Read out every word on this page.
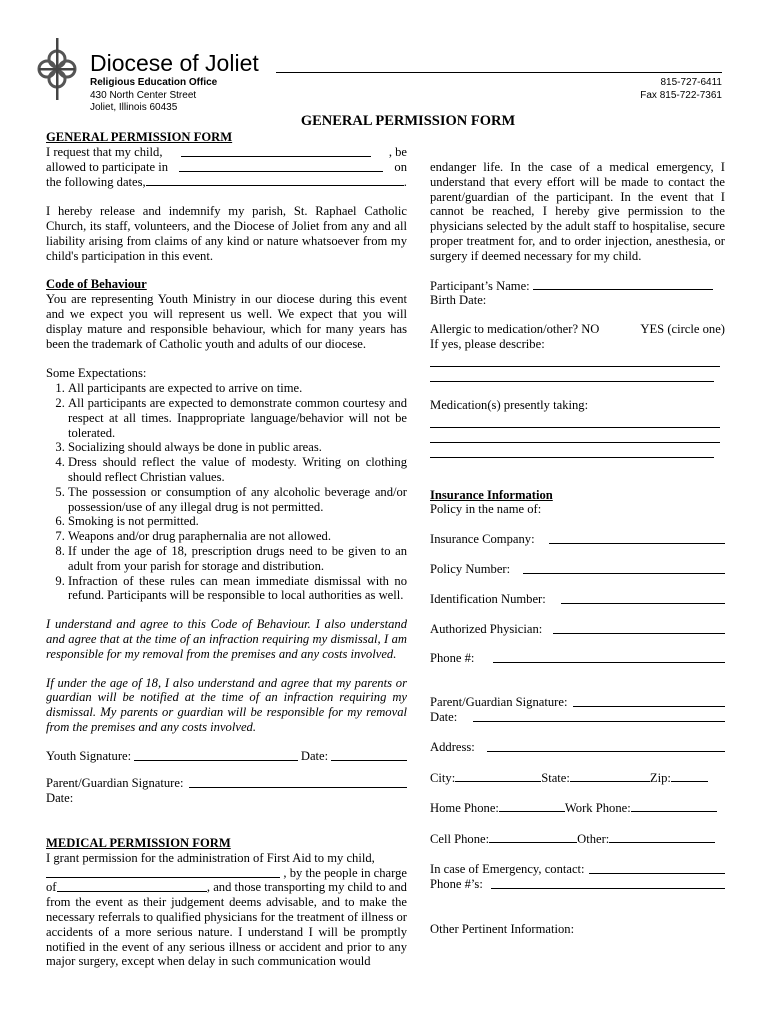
Diocese of Joliet
Religious Education Office
430 North Center Street
Joliet, Illinois 60435
815-727-6411
Fax 815-722-7361
GENERAL PERMISSION FORM

GENERAL PERMISSION FORM

I request that my child,	, be
allowed to participate in	on
the following dates,	.

I hereby release and indemnify my parish, St. Raphael Catholic Church, its staff, volunteers, and the Diocese of Joliet from any and all liability arising from claims of any kind or nature whatsoever from my child's participation in this event.

Code of Behaviour

You are representing Youth Ministry in our diocese during this event and we expect you will represent us well. We expect that you will display mature and responsible behaviour, which for many years has been the trademark of Catholic youth and adults of our diocese.

Some Expectations:

1. All participants are expected to arrive on time.
2. All participants are expected to demonstrate common courtesy and respect at all times. Inappropriate language/behavior will not be tolerated.
3. Socializing should always be done in public areas.
4. Dress should reflect the value of modesty. Writing on clothing should reflect Christian values.
5. The possession or consumption of any alcoholic beverage and/or possession/use of any illegal drug is not permitted.
6. Smoking is not permitted.
7. Weapons and/or drug paraphernalia are not allowed.
8. If under the age of 18, prescription drugs need to be given to an adult from your parish for storage and distribution.
9. Infraction of these rules can mean immediate dismissal with no refund. Participants will be responsible to local authorities as well.

I understand and agree to this Code of Behaviour. I also understand and agree that at the time of an infraction requiring my dismissal, I am responsible for my removal from the premises and any costs involved.

If under the age of 18, I also understand and agree that my parents or guardian will be notified at the time of an infraction requiring my dismissal. My parents or guardian will be responsible for my removal from the premises and any costs involved.

Youth Signature:	Date:
Parent/Guardian Signature:

Date:

MEDICAL PERMISSION FORM

I grant permission for the administration of First Aid to my child,

, by the people in charge
of	, and those transporting my child to and

from the event as their judgement deems advisable, and to make the necessary referrals to qualified physicians for the treatment of illness or accidents of a more serious nature. I understand I will be promptly notified in the event of any serious illness or accident and prior to any major surgery, except when delay in such communication would

endanger life. In the case of a medical emergency, I understand that every effort will be made to contact the parent/guardian of the participant. In the event that I cannot be reached, I hereby give permission to the physicians selected by the adult staff to hospitalise, secure proper treatment for, and to order injection, anesthesia, or surgery if deemed necessary for my child.

Participant’s Name:

Birth Date:

Allergic to medication/other? NO	YES (circle one)

If yes, please describe:

Medication(s) presently taking:

Insurance Information

Policy in the name of:

Insurance Company:
Policy Number:
Identification Number:
Authorized Physician:
Phone #:
Parent/Guardian Signature:
Date:
Address:
City:	State:	Zip:
Home Phone:	Work Phone:
Cell Phone:	Other:
In case of Emergency, contact:
Phone #’s:

Other Pertinent Information:
